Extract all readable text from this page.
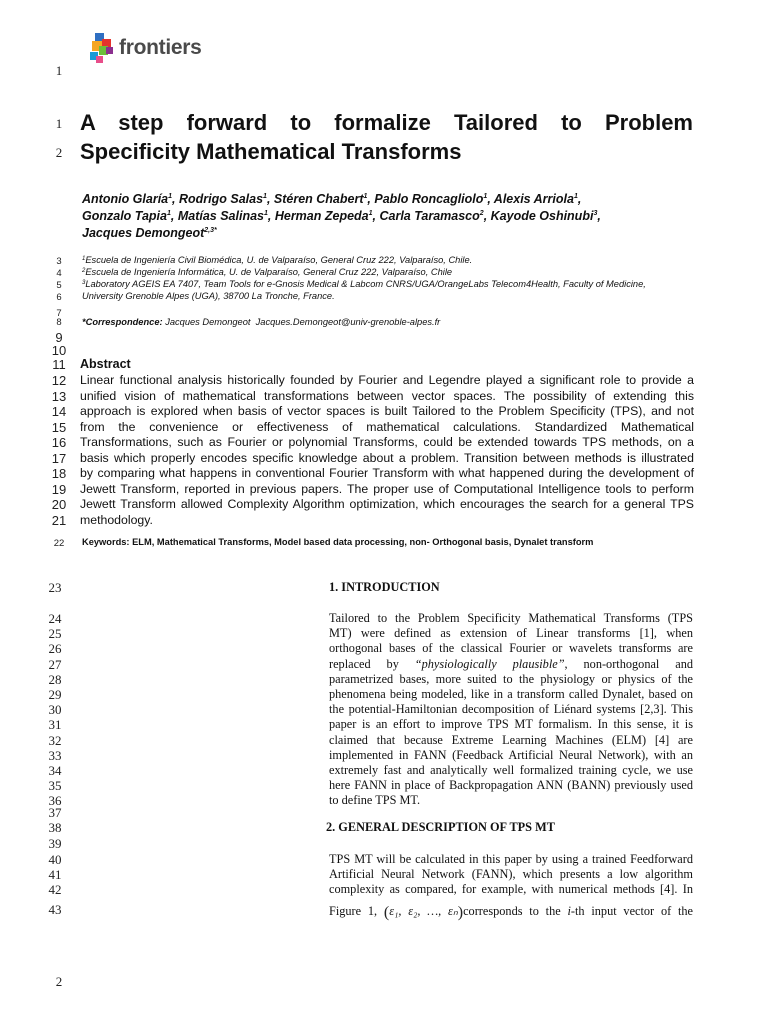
1
frontiers
1
2
A step forward to formalize Tailored to Problem
Specificity Mathematical Transforms
Antonio Glaría$^1$, Rodrigo Salas$^1$, Stéren Chabert$^1$, Pablo Roncagliolo$^1$, Alexis Arriola$^1$,
Gonzalo Tapia$^1$, Matías Salinas$^1$, Herman Zepeda$^1$, Carla Taramasco$^2$, Kayode Oshinubi$^3$,
Jacques Demongeot$^{2,3*}$
3	$^1$Escuela de Ingeniería Civil Biomédica, U. de Valparaíso, General Cruz 222, Valparaíso, Chile.
4	$^2$Escuela de Ingeniería Informática, U. de Valparaíso, General Cruz 222, Valparaíso, Chile
5	$^3$Laboratory AGEIS EA 7407, Team Tools for e-Gnosis Medical & Labcom CNRS/UGA/OrangeLabs Telecom4Health, Faculty of Medicine,
6	University Grenoble Alpes (UGA), 38700 La Tronche, France.
7
8	*Correspondence: Jacques Demongeot Jacques.Demongeot@univ-grenoble-alpes.fr
9
10
11	Abstract
12
13
14
15
16
17
18
19
20
21
Linear functional analysis historically founded by Fourier and Legendre played a significant role to provide a
unified vision of mathematical transformations between vector spaces. The possibility of extending this
approach is explored when basis of vector spaces is built Tailored to the Problem Specificity (TPS), and not
from the convenience or effectiveness of mathematical calculations. Standardized Mathematical
Transformations, such as Fourier or polynomial Transforms, could be extended towards TPS methods, on a
basis which properly encodes specific knowledge about a problem. Transition between methods is illustrated
by comparing what happens in conventional Fourier Transform with what happened during the development of
Jewett Transform, reported in previous papers. The proper use of Computational Intelligence tools to perform
Jewett Transform allowed Complexity Algorithm optimization, which encourages the search for a general TPS
methodology.
22	Keywords: ELM, Mathematical Transforms, Model based data processing, non- Orthogonal basis, Dynalet transform
23	1. INTRODUCTION
24
25
26
27
28
29
30
31
32
33
34
35
36
Tailored to the Problem Specificity Mathematical Transforms (TPS
MT) were defined as extension of Linear transforms [1], when
orthogonal bases of the classical Fourier or wavelets transforms are
replaced by “physiologically plausible”, non-orthogonal and
parametrized bases, more suited to the physiology or physics of the
phenomena being modeled, like in a transform called Dynalet, based on
the potential-Hamiltonian decomposition of Liénard systems [2,3]. This
paper is an effort to improve TPS MT formalism. In this sense, it is
claimed that because Extreme Learning Machines (ELM) [4] are
implemented in FANN (Feedback Artificial Neural Network), with an
extremely fast and analytically well formalized training cycle, we use
here FANN in place of Backpropagation ANN (BANN) previously used
to define TPS MT.
37
38	2. GENERAL DESCRIPTION OF TPS MT
39
40
41
42
43
TPS MT will be calculated in this paper by using a trained Feedforward
Artificial Neural Network (FANN), which presents a low algorithm
complexity as compared, for example, with numerical methods [4]. In
Figure 1, (ε₁, ε₂, …, εₙ)corresponds to the i-th input vector of the
2
